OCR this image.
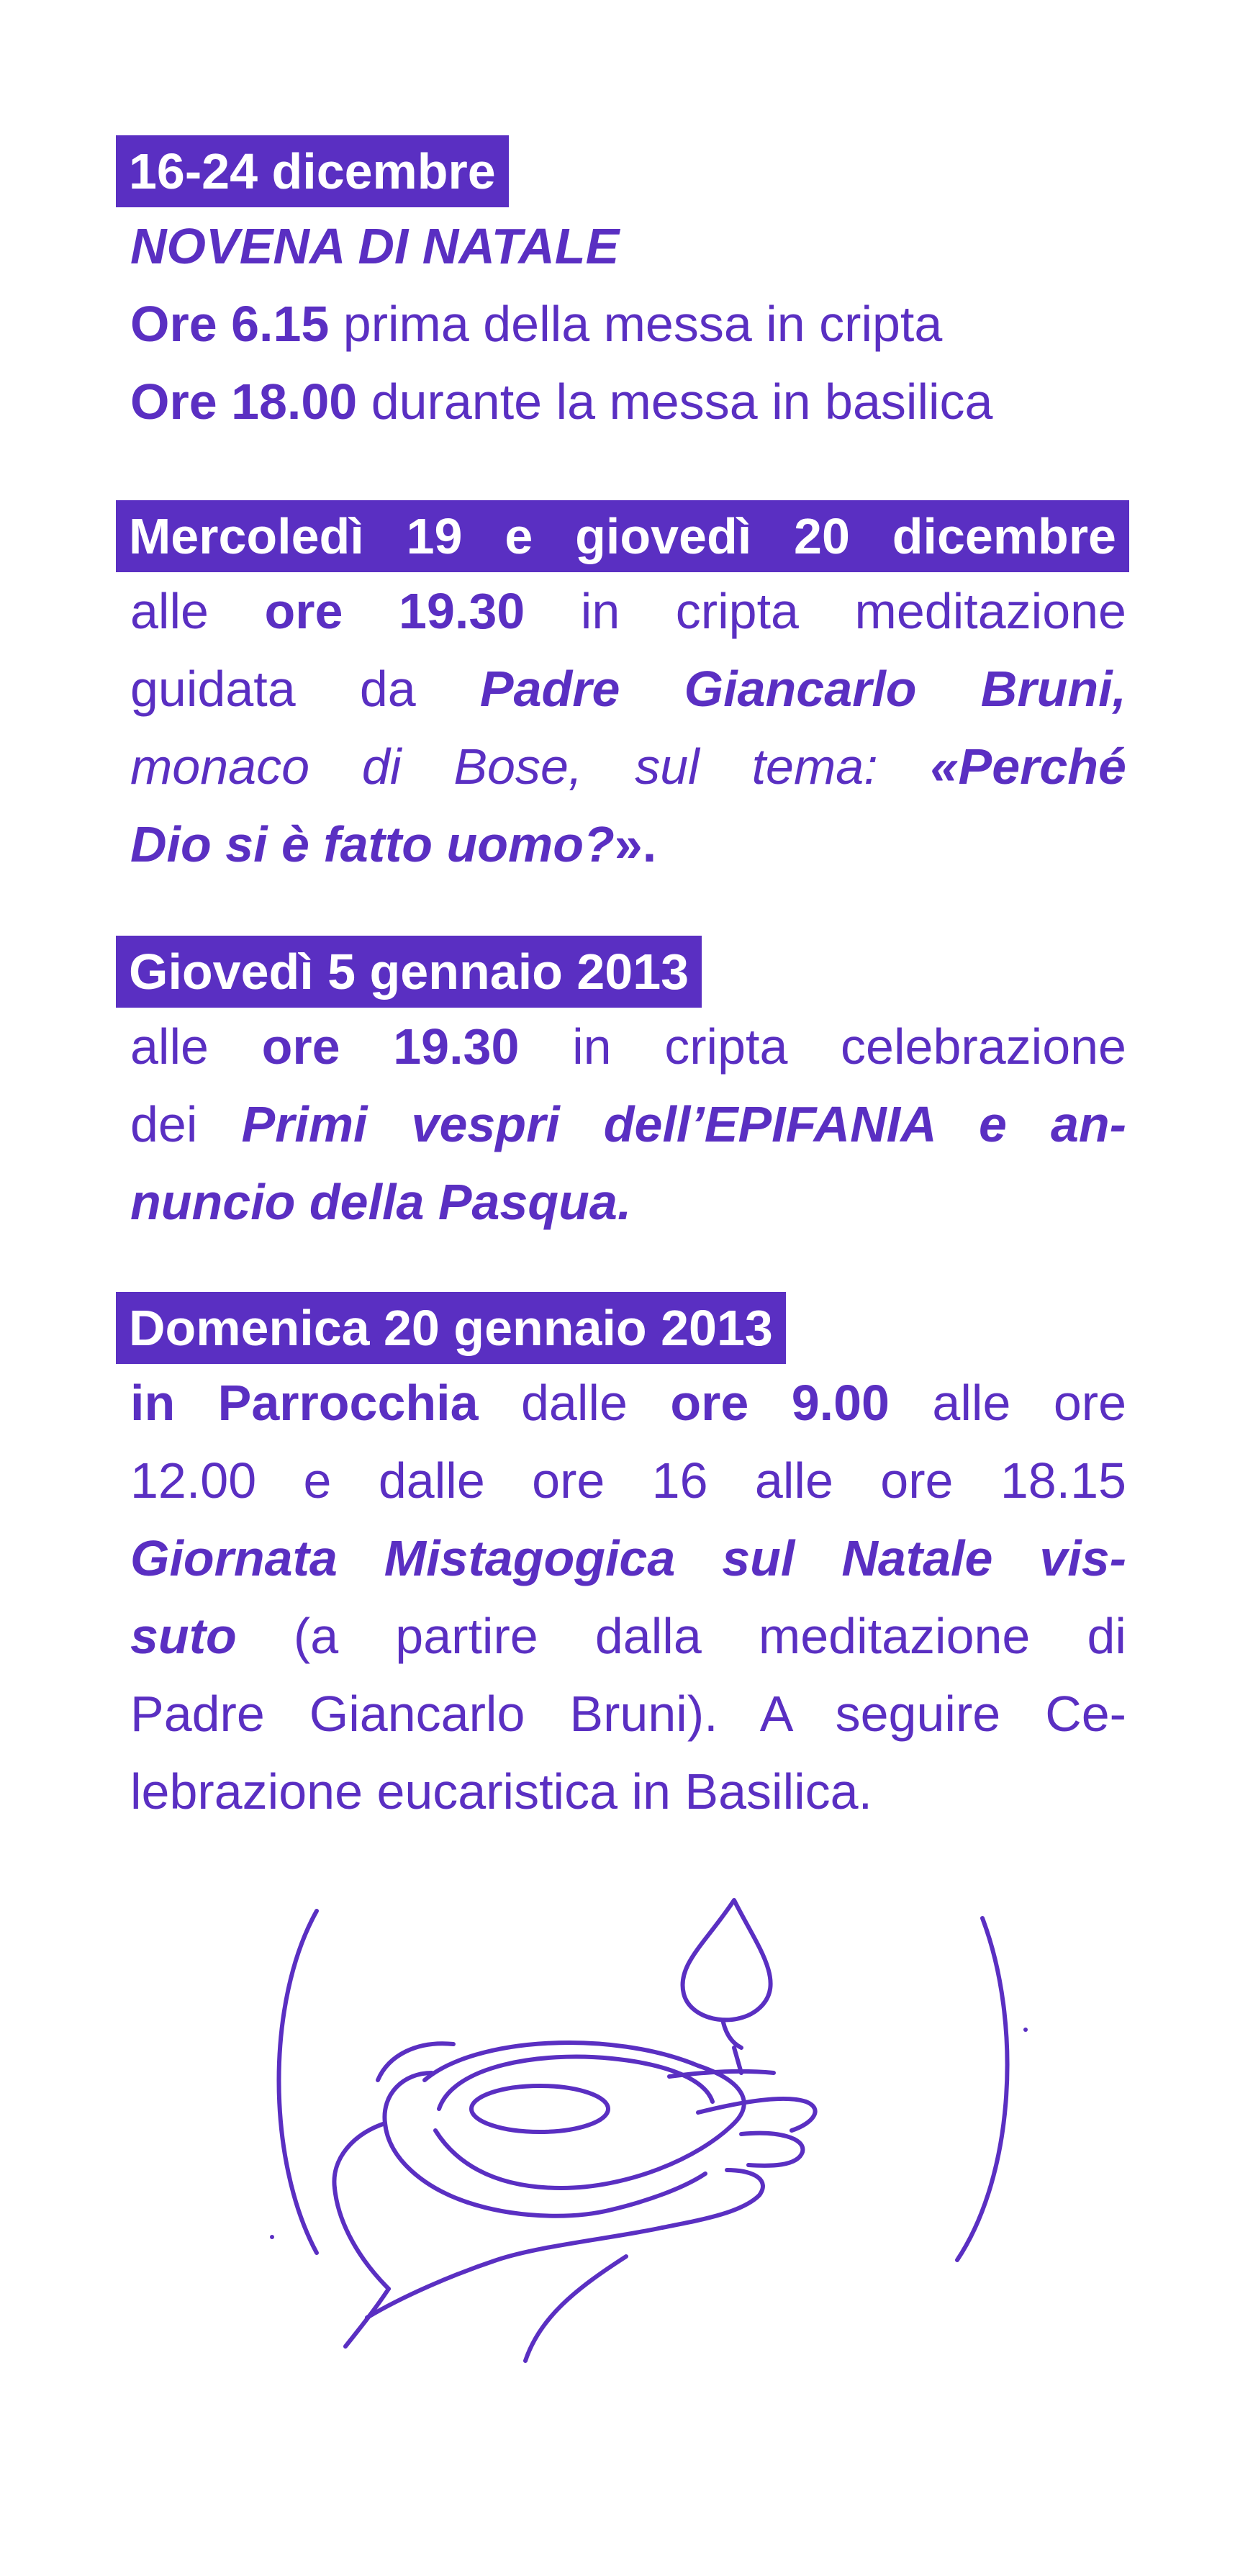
16-24 dicembre
NOVENA DI NATALE
Ore 6.15 prima della messa in cripta
Ore 18.00 durante la messa in basilica
Mercoledì 19 e giovedì 20 dicembre
alle ore 19.30 in cripta meditazione
guidata da Padre Giancarlo Bruni,
monaco di Bose, sul tema: «Perché
Dio si è fatto uomo?».
Giovedì 5 gennaio 2013
alle ore 19.30 in cripta celebrazione
dei Primi vespri dell’EPIFANIA e an-
nuncio della Pasqua.
Domenica 20 gennaio 2013
in Parrocchia dalle ore 9.00 alle ore
12.00 e dalle ore 16 alle ore 18.15
Giornata Mistagogica sul Natale vis-
suto (a partire dalla meditazione di
Padre Giancarlo Bruni). A seguire Ce-
lebrazione eucaristica in Basilica.
